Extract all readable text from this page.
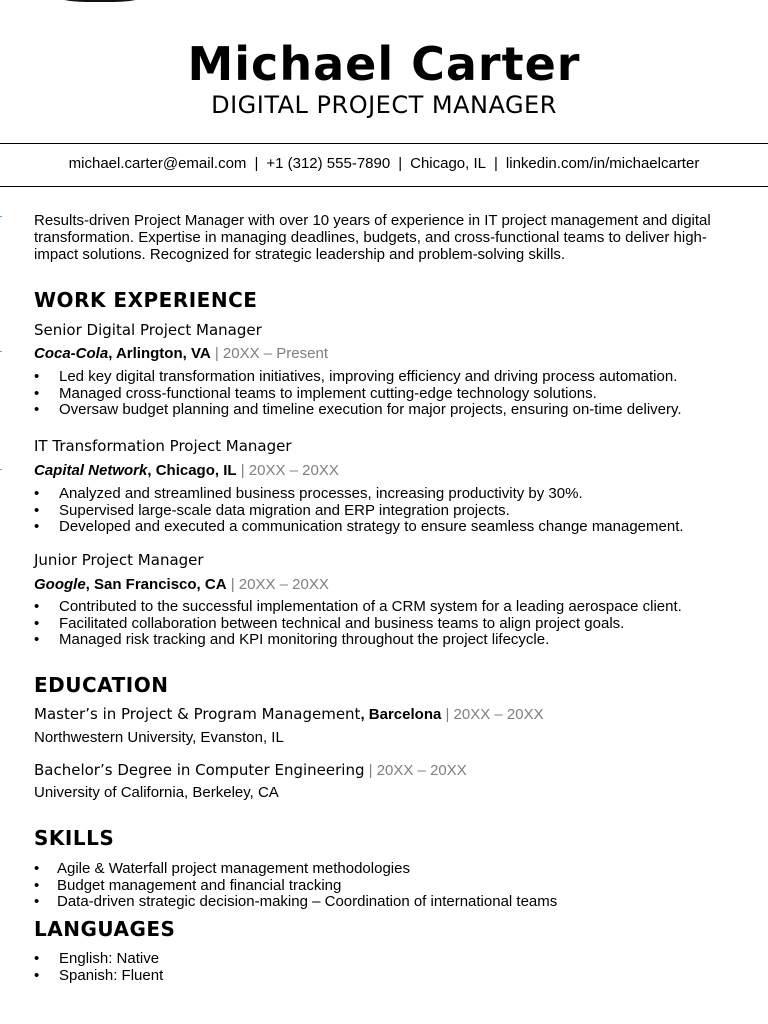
Michael Carter
DIGITAL PROJECT MANAGER
michael.carter@email.com | +1 (312) 555-7890 | Chicago, IL | linkedin.com/in/michaelcarter
Results-driven Project Manager with over 10 years of experience in IT project management and digital transformation. Expertise in managing deadlines, budgets, and cross-functional teams to deliver high-impact solutions. Recognized for strategic leadership and problem-solving skills.
WORK EXPERIENCE
Senior Digital Project Manager
Coca-Cola, Arlington, VA | 20XX – Present
• Led key digital transformation initiatives, improving efficiency and driving process automation.
• Managed cross-functional teams to implement cutting-edge technology solutions.
• Oversaw budget planning and timeline execution for major projects, ensuring on-time delivery.
IT Transformation Project Manager
Capital Network, Chicago, IL | 20XX – 20XX
• Analyzed and streamlined business processes, increasing productivity by 30%.
• Supervised large-scale data migration and ERP integration projects.
• Developed and executed a communication strategy to ensure seamless change management.
Junior Project Manager
Google, San Francisco, CA | 20XX – 20XX
• Contributed to the successful implementation of a CRM system for a leading aerospace client.
• Facilitated collaboration between technical and business teams to align project goals.
• Managed risk tracking and KPI monitoring throughout the project lifecycle.
EDUCATION
Master’s in Project & Program Management, Barcelona | 20XX – 20XX
Northwestern University, Evanston, IL
Bachelor’s Degree in Computer Engineering | 20XX – 20XX
University of California, Berkeley, CA
SKILLS
• Agile & Waterfall project management methodologies
• Budget management and financial tracking
• Data-driven strategic decision-making – Coordination of international teams
LANGUAGES
• English: Native
• Spanish: Fluent
